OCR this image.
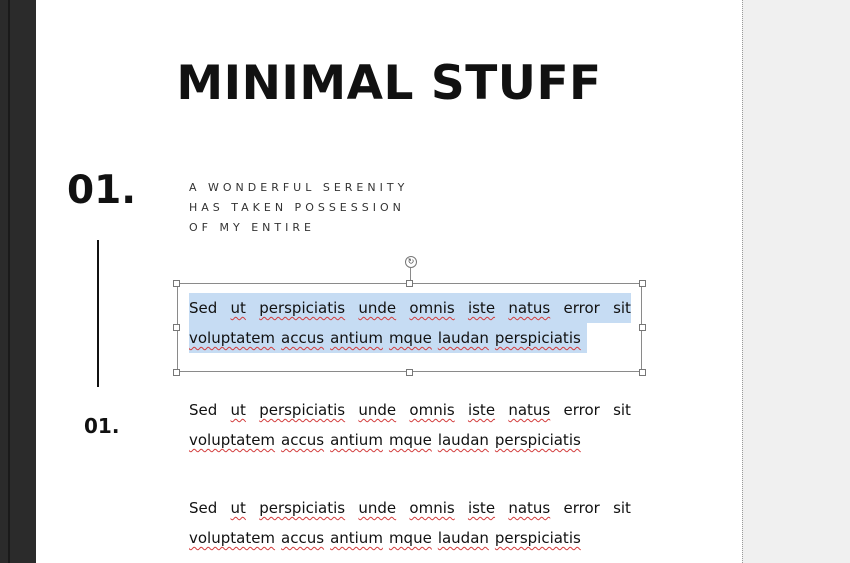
MINIMAL STUFF
01.	A WONDERFUL SERENITY
HAS TAKEN POSSESSION
OF MY ENTIRE
01.
↻
Sed ut perspiciatis unde omnis iste natus error sit
voluptatem accus antium mque laudan perspiciatis
Sed ut perspiciatis unde omnis iste natus error sit
voluptatem accus antium mque laudan perspiciatis
Sed ut perspiciatis unde omnis iste natus error sit
voluptatem accus antium mque laudan perspiciatis
